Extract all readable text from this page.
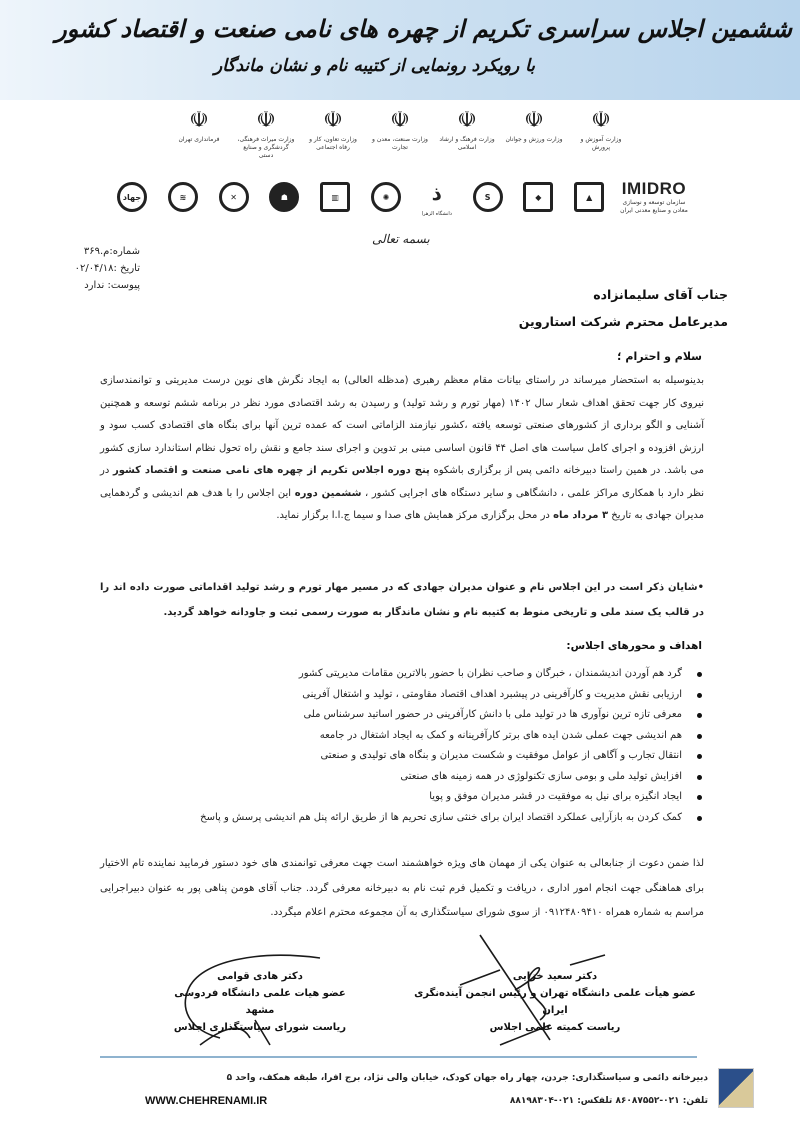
ششمین اجلاس سراسری تکریم از چهره های نامی صنعت و اقتصاد کشور
با رویکرد رونمایی از کتیبه نام و نشان ماندگار
☫
وزارت آموزش و پرورش
☫
وزارت ورزش و جوانان
☫
وزارت فرهنگ و ارشاد اسلامی
☫
وزارت صنعت، معدن و تجارت
☫
وزارت تعاون، کار و رفاه اجتماعی
☫
وزارت میراث فرهنگی، گردشگری و صنایع دستی
☫
فرمانداری تهران
IMIDRO
سازمان توسعه و نوسازی معادن و صنایع معدنی ایران
▲
◆
S
ذ
دانشگاه الزهرا
✺
▥
☗
✕
≋
جهاد
بسمه تعالی
شماره:م.۳۶۹
تاریخ :۰۲/۰۴/۱۸
پیوست: ندارد
جناب آقای سلیمانزاده
مدیرعامل محترم شرکت استاروین
سلام و احترام ؛
بدینوسیله به استحضار میرساند در راستای بیانات مقام معظم رهبری (مدظله العالی) به ایجاد نگرش های نوین درست مدیریتی و توانمندسازی نیروی کار جهت تحقق اهداف شعار سال ۱۴۰۲ (مهار تورم و رشد تولید) و رسیدن به رشد اقتصادی مورد نظر در برنامه ششم توسعه و همچنین آشنایی و الگو برداری از کشورهای صنعتی توسعه یافته ،کشور نیازمند الزاماتی است که عمده ترین آنها برای بنگاه های اقتصادی کسب سود و ارزش افزوده و اجرای کامل سیاست های اصل ۴۴ قانون اساسی مبنی بر تدوین و اجرای سند جامع و نقش راه تحول نظام استاندارد سازی کشور می باشد. در همین راستا دبیرخانه دائمی پس از برگزاری باشکوه پنج دوره اجلاس تکریم از چهره های نامی صنعت و اقتصاد کشور در نظر دارد با همکاری مراکز علمی ، دانشگاهی و سایر دستگاه های اجرایی کشور ، ششمین دوره این اجلاس را با هدف هم اندیشی و گردهمایی مدیران جهادی به تاریخ ۳ مرداد ماه در محل برگزاری مرکز همایش های صدا و سیما ج.ا.ا برگزار نماید.
•شایان ذکر است در این اجلاس نام و عنوان مدیران جهادی که در مسیر مهار تورم و رشد تولید اقداماتی صورت داده اند را در قالب یک سند ملی و تاریخی منوط به کتیبه نام و نشان ماندگار به صورت رسمی ثبت و جاودانه خواهد گردید.
اهداف و محورهای اجلاس:
گرد هم آوردن اندیشمندان ، خبرگان و صاحب نظران با حضور بالاترین مقامات مدیریتی کشور
ارزیابی نقش مدیریت و کارآفرینی در پیشبرد اهداف اقتصاد مقاومتی ، تولید و اشتغال آفرینی
معرفی تازه ترین نوآوری ها در تولید ملی با دانش کارآفرینی در حضور اساتید سرشناس ملی
هم اندیشی جهت عملی شدن ایده های برتر کارآفرینانه و کمک به ایجاد اشتغال در جامعه
انتقال تجارب و آگاهی از عوامل موفقیت و شکست مدیران و بنگاه های تولیدی و صنعتی
افزایش تولید ملی و بومی سازی تکنولوژی در همه زمینه های صنعتی
ایجاد انگیزه برای نیل به موفقیت در قشر مدیران موفق و پویا
کمک کردن به بازآرایی عملکرد اقتصاد ایران برای خنثی سازی تحریم ها از طریق ارائه پنل هم اندیشی پرسش و پاسخ
لذا ضمن دعوت از جنابعالی به عنوان یکی از مهمان های ویژه خواهشمند است جهت معرفی توانمندی های خود دستور فرمایید نماینده تام الاختیار برای هماهنگی جهت انجام امور اداری ، دریافت و تکمیل فرم ثبت نام به دبیرخانه معرفی گردد. جناب آقای هومن پناهی پور به عنوان دبیراجرایی مراسم به شماره همراه ۰۹۱۲۴۸۰۹۴۱۰ از سوی شورای سیاستگذاری به آن مجموعه محترم اعلام میگردد.
دکتر سعید خزایی
عضو هیأت علمی دانشگاه تهران و رئیس انجمن آینده‌نگری ایران
ریاست کمیته علمی اجلاس
دکتر هادی قوامی
عضو هیات علمی دانشگاه فردوسی مشهد
ریاست شورای سیاستگذاری اجلاس
دبیرخانه دائمی و سیاستگذاری: جردن، چهار راه جهان کودک، خیابان والی نژاد، برج افرا، طبقه همکف، واحد ۵
تلفن: ۰۲۱-۸۶۰۸۷۵۵۲ تلفکس: ۰۲۱-۸۸۱۹۸۳۰۴
WWW.CHEHRENAMI.IR
